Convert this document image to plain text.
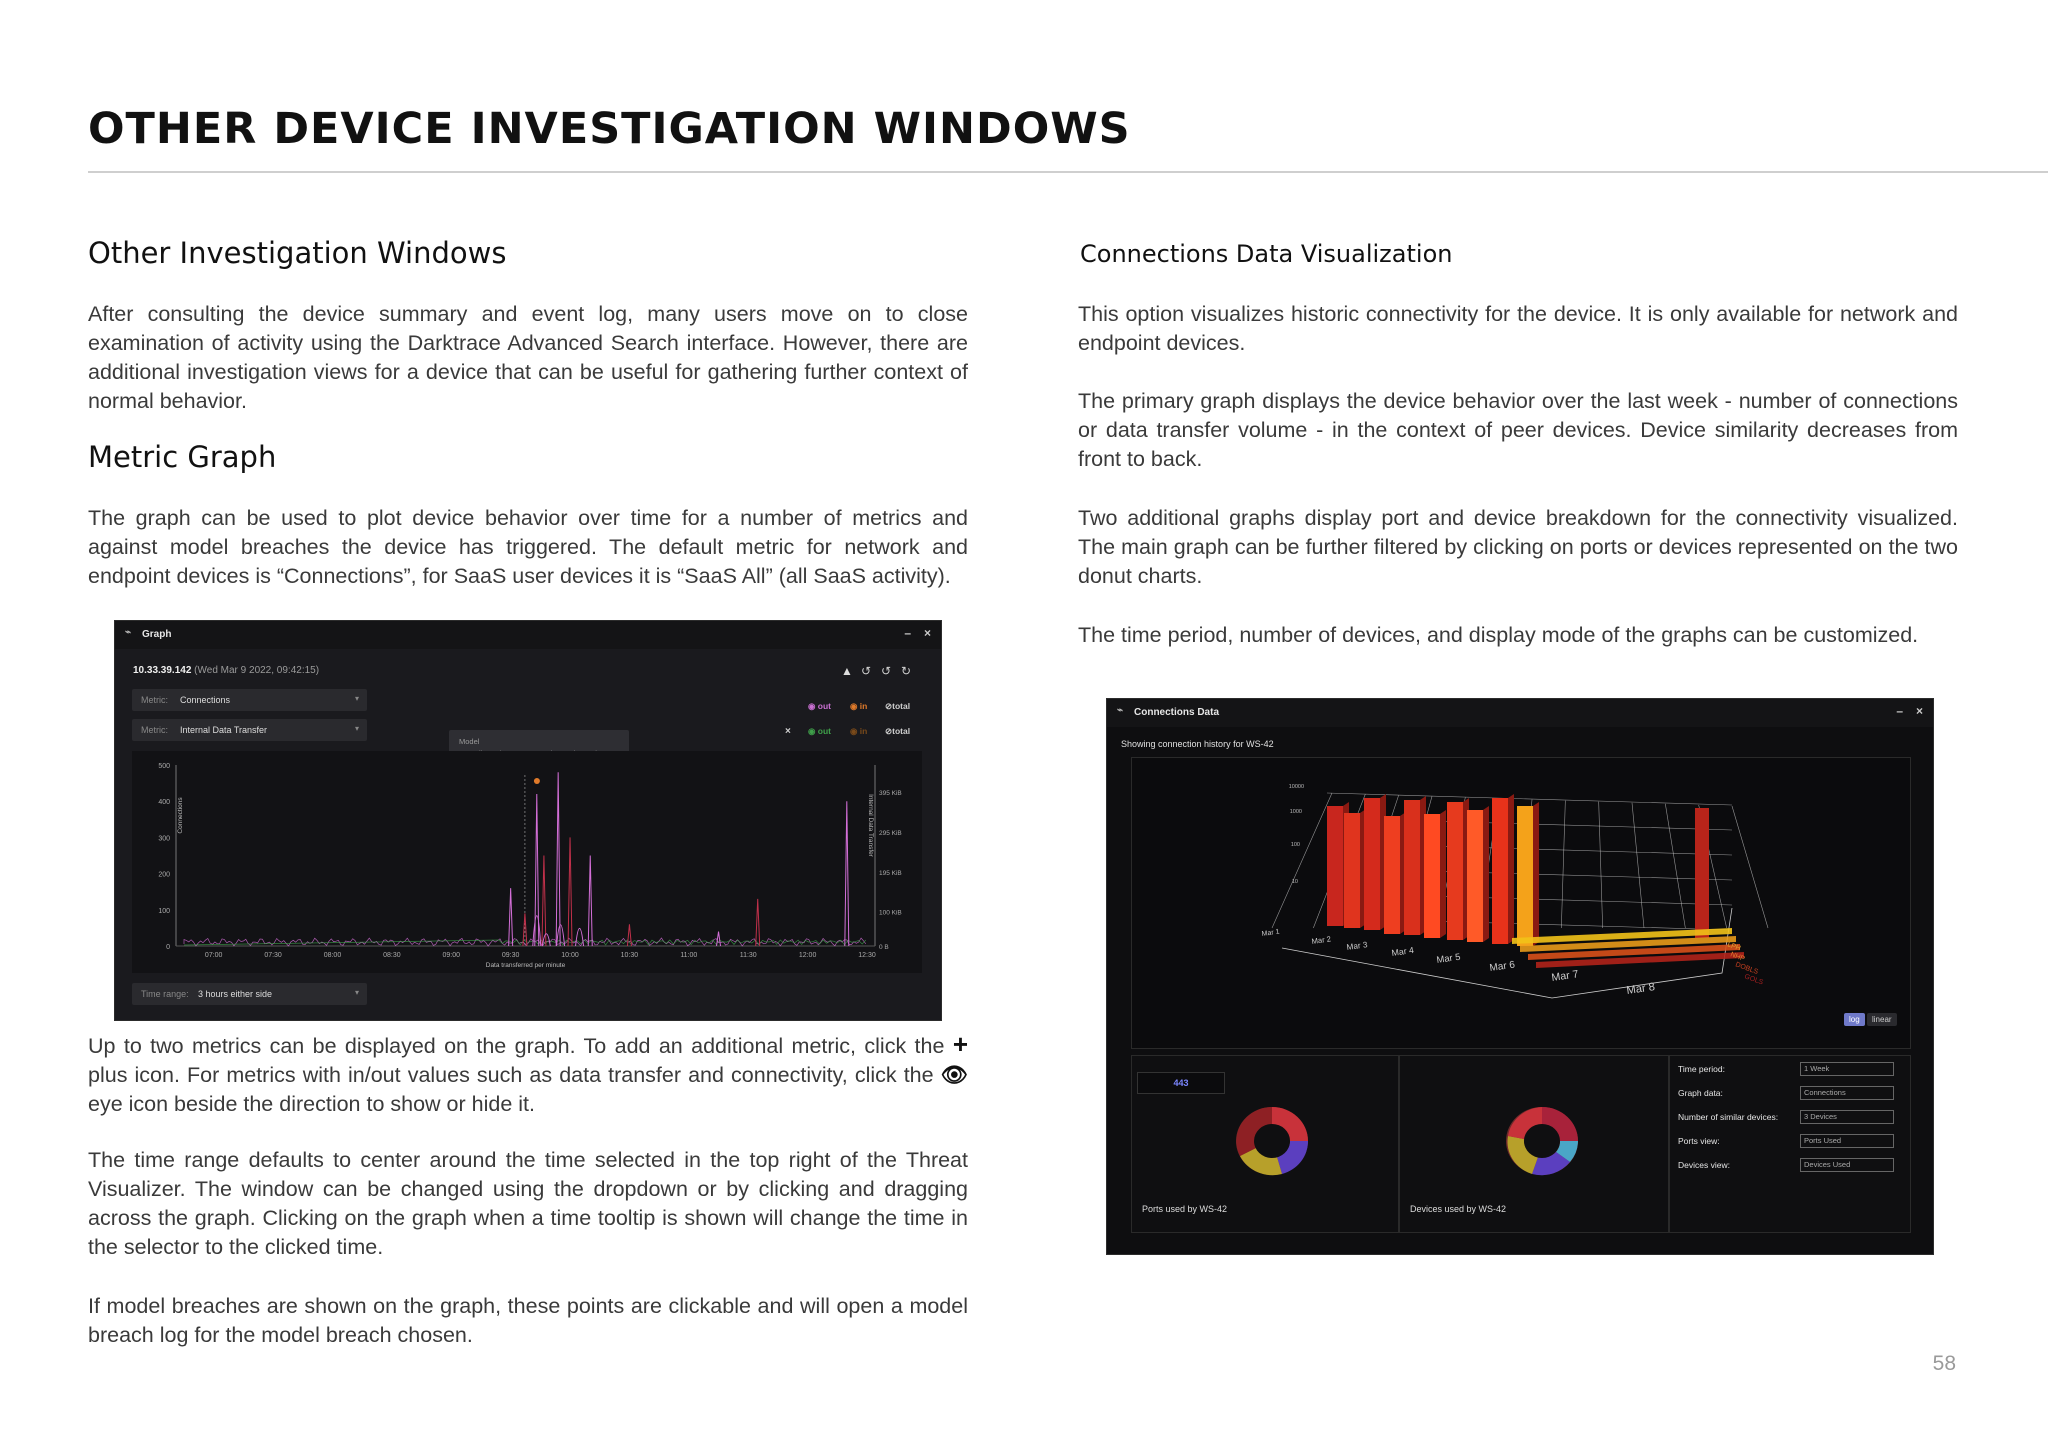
OTHER DEVICE INVESTIGATION WINDOWS
Other Investigation Windows

After consulting the device summary and event log, many users move on to close examination of activity using the Darktrace Advanced Search interface. However, there are additional investigation views for a device that can be useful for gathering further context of normal behavior.

Metric Graph

The graph can be used to plot device behavior over time for a number of metrics and against model breaches the device has triggered. The default metric for network and endpoint devices is “Connections”, for SaaS user devices it is “SaaS All” (all SaaS activity).

⌁ Graph	– ×
10.33.39.142 (Wed Mar 9 2022, 09:42:15)	▲ ↺ ↺ ↻
Metric: Connections	▾
Metric: Internal Data Transfer	▾
◉ out ◉ in ⊘total
× ◉ out ◉ in ⊘total
Model
500
400
300
200
100
0
395 KiB
295 KiB
195 KiB
100 KiB
0 B
07:00	07:30	08:00	08:30	09:00	09:30	10:00	10:30	11:00	11:30	12:00	12:30
Data transferred per minute
Connections	Internal Data Transfer
Time range: 3 hours either side	▾

Up to two metrics can be displayed on the graph. To add an additional metric, click the + plus icon. For metrics with in/out values such as data transfer and connectivity, click the 👁 eye icon beside the direction to show or hide it.

The time range defaults to center around the time selected in the top right of the Threat Visualizer. The window can be changed using the dropdown or by clicking and dragging across the graph. Clicking on the graph when a time tooltip is shown will change the time in the selector to the clicked time.

If model breaches are shown on the graph, these points are clickable and will open a model breach log for the model breach chosen.

Connections Data Visualization

This option visualizes historic connectivity for the device. It is only available for network and endpoint devices.

The primary graph displays the device behavior over the last week - number of connections or data transfer volume - in the context of peer devices. Device similarity decreases from front to back.

Two additional graphs display port and device breakdown for the connectivity visualized. The main graph can be further filtered by clicking on ports or devices represented on the two donut charts.

The time period, number of devices, and display mode of the graphs can be customized.

⌁ Connections Data	– ×
Showing connection history for WS-42
10000
1000
100
10
Mar 1
Mar 2 Mar 3	Mar 4 Mar 5
Mar 6
Mar 7
Mar 8
LPH
NHP
DOBLS
GOLS
log	linear
443
Ports used by WS-42	Devices used by WS-42
Time period:	1 Week
Graph data:	Connections
Number of similar devices:	3 Devices
Ports view:	Ports Used
Devices view:	Devices Used
58
